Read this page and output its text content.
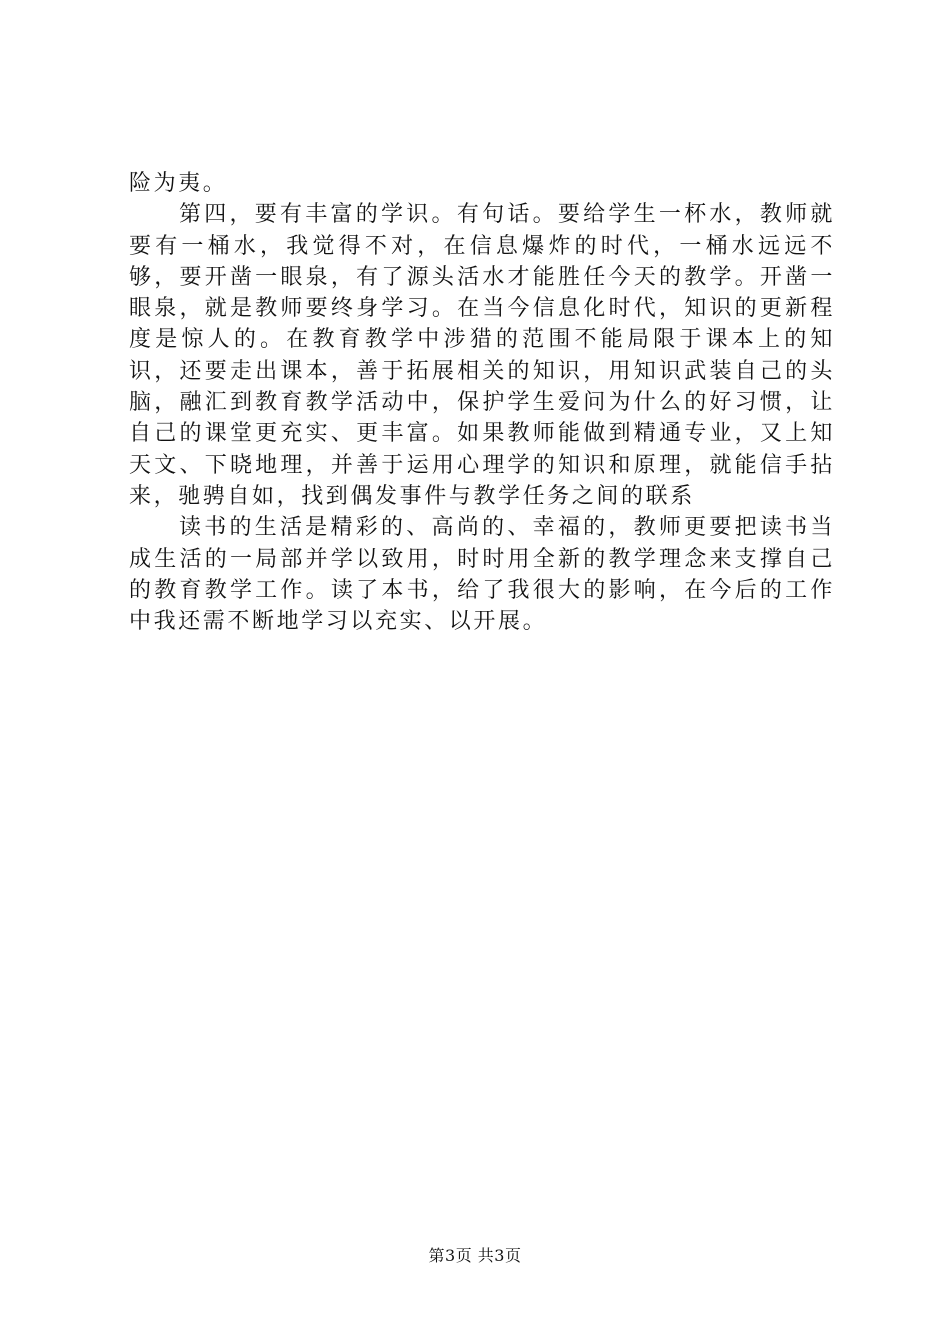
险为夷。

第四，要有丰富的学识。有句话。要给学生一杯水，教师就要有一桶水，我觉得不对，在信息爆炸的时代，一桶水远远不够，要开凿一眼泉，有了源头活水才能胜任今天的教学。开凿一眼泉，就是教师要终身学习。在当今信息化时代，知识的更新程度是惊人的。在教育教学中涉猎的范围不能局限于课本上的知识，还要走出课本，善于拓展相关的知识，用知识武装自己的头脑，融汇到教育教学活动中，保护学生爱问为什么的好习惯，让自己的课堂更充实、更丰富。如果教师能做到精通专业，又上知天文、下晓地理，并善于运用心理学的知识和原理，就能信手拈来，驰骋自如，找到偶发事件与教学任务之间的联系

读书的生活是精彩的、高尚的、幸福的，教师更要把读书当成生活的一局部并学以致用，时时用全新的教学理念来支撑自己的教育教学工作。读了本书，给了我很大的影响，在今后的工作中我还需不断地学习以充实、以开展。

第3页 共3页
